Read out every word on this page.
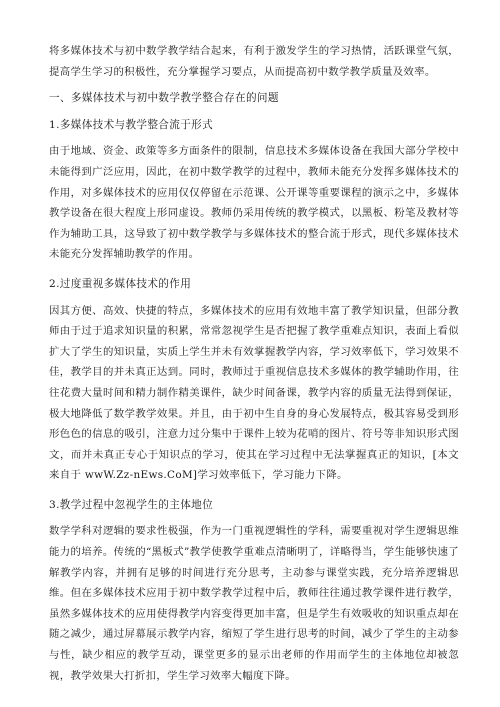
将多媒体技术与初中数学教学结合起来，有利于激发学生的学习热情，活跃课堂气氛，提高学生学习的积极性，充分掌握学习要点，从而提高初中数学教学质量及效率。

一、多媒体技术与初中数学教学整合存在的问题

1.多媒体技术与教学整合流于形式

由于地域、资金、政策等多方面条件的限制，信息技术多媒体设备在我国大部分学校中未能得到广泛应用，因此，在初中数学教学的过程中，教师未能充分发挥多媒体技术的作用，对多媒体技术的应用仅仅停留在示范课、公开课等重要课程的演示之中，多媒体教学设备在很大程度上形同虚设。教师仍采用传统的教学模式，以黑板、粉笔及教材等作为辅助工具，这导致了初中数学教学与多媒体技术的整合流于形式，现代多媒体技术未能充分发挥辅助教学的作用。

2.过度重视多媒体技术的作用

因其方便、高效、快捷的特点，多媒体技术的应用有效地丰富了教学知识量，但部分教师由于过于追求知识量的积累，常常忽视学生是否把握了教学重难点知识，表面上看似扩大了学生的知识量，实质上学生并未有效掌握教学内容，学习效率低下，学习效果不佳，教学目的并未真正达到。同时，教师过于重视信息技术多媒体的教学辅助作用，往往花费大量时间和精力制作精美课件，缺少时间备课，教学内容的质量无法得到保证，极大地降低了数学教学效果。并且，由于初中生自身的身心发展特点，极其容易受到形形色色的信息的吸引，注意力过分集中于课件上较为花哨的图片、符号等非知识形式图文，而并未真正专心于知识点的学习，使其在学习过程中无法掌握真正的知识，[本文来自于 wwW.Zz-nEws.CoM]学习效率低下，学习能力下降。

3.教学过程中忽视学生的主体地位

数学学科对逻辑的要求性极强，作为一门重视逻辑性的学科，需要重视对学生逻辑思维能力的培养。传统的“黑板式”教学使教学重难点清晰明了，详略得当，学生能够快速了解教学内容，并拥有足够的时间进行充分思考，主动参与课堂实践，充分培养逻辑思维。但在多媒体技术应用于初中数学教学过程中后，教师往往通过教学课件进行教学，虽然多媒体技术的应用使得教学内容变得更加丰富，但是学生有效吸收的知识重点却在随之减少，通过屏幕展示教学内容，缩短了学生进行思考的时间，减少了学生的主动参与性，缺少相应的教学互动，课堂更多的显示出老师的作用而学生的主体地位却被忽视，教学效果大打折扣，学生学习效率大幅度下降。
